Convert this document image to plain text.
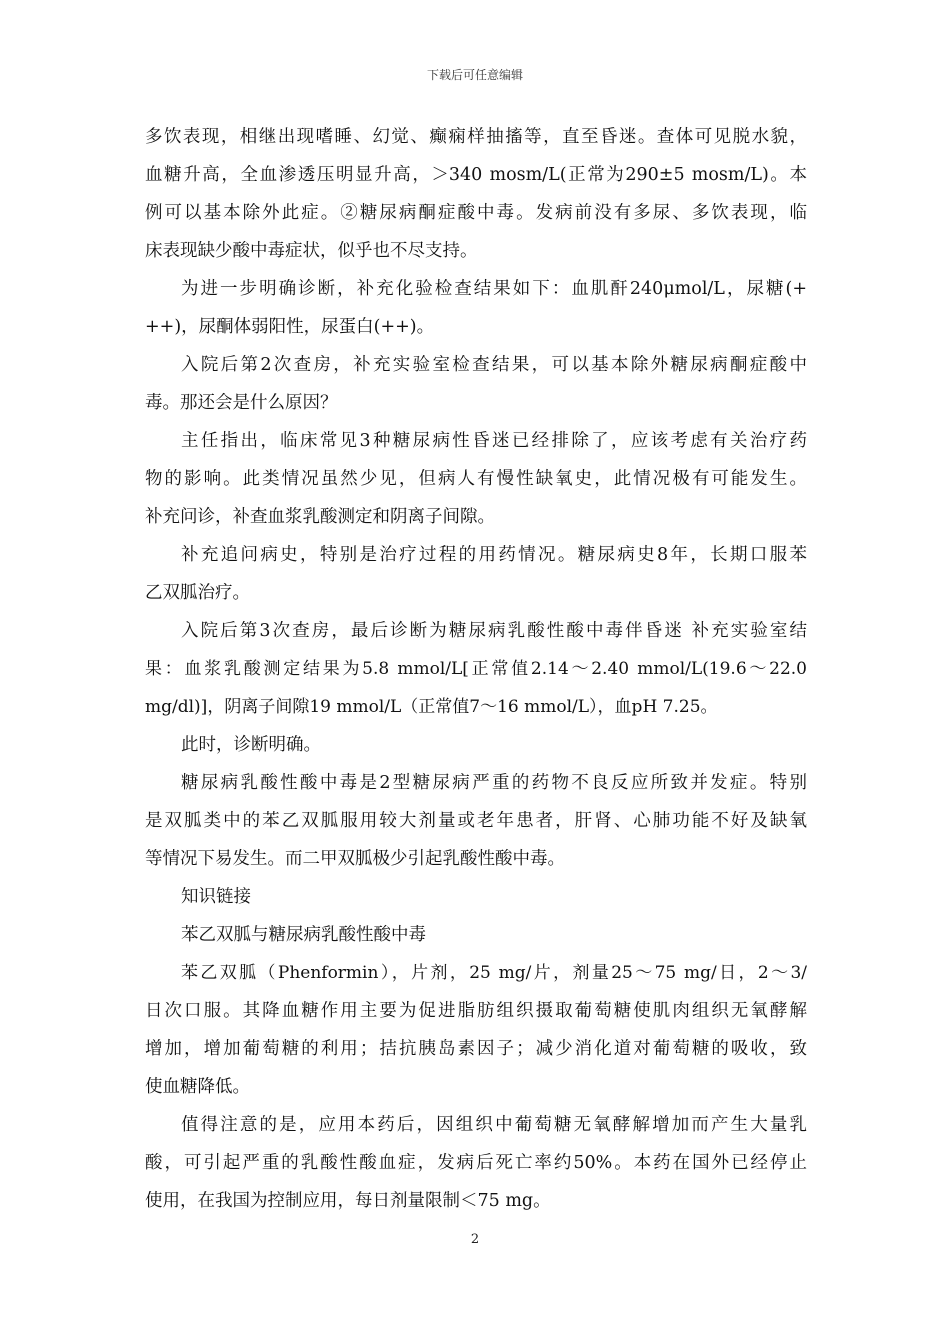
下载后可任意编辑
多饮表现，相继出现嗜睡、幻觉、癫痫样抽搐等，直至昏迷。查体可见脱水貌，
血糖升高，全血渗透压明显升高，＞340 mosm/L(正常为290±5 mosm/L)。本
例可以基本除外此症。②糖尿病酮症酸中毒。发病前没有多尿、多饮表现，临
床表现缺少酸中毒症状，似乎也不尽支持。
为进一步明确诊断，补充化验检查结果如下：血肌酐240μmol/L，尿糖(+
++)，尿酮体弱阳性，尿蛋白(++)。
入院后第2次查房，补充实验室检查结果，可以基本除外糖尿病酮症酸中
毒。那还会是什么原因？
主任指出，临床常见3种糖尿病性昏迷已经排除了，应该考虑有关治疗药
物的影响。此类情况虽然少见，但病人有慢性缺氧史，此情况极有可能发生。
补充问诊，补查血浆乳酸测定和阴离子间隙。
补充追问病史，特别是治疗过程的用药情况。糖尿病史8年，长期口服苯
乙双胍治疗。
入院后第3次查房，最后诊断为糖尿病乳酸性酸中毒伴昏迷 补充实验室结
果：血浆乳酸测定结果为5.8 mmol/L[正常值2.14～2.40 mmol/L(19.6～22.0
mg/dl)]，阴离子间隙19 mmol/L（正常值7～16 mmol/L），血pH 7.25。
此时，诊断明确。
糖尿病乳酸性酸中毒是2型糖尿病严重的药物不良反应所致并发症。特别
是双胍类中的苯乙双胍服用较大剂量或老年患者，肝肾、心肺功能不好及缺氧
等情况下易发生。而二甲双胍极少引起乳酸性酸中毒。
知识链接
苯乙双胍与糖尿病乳酸性酸中毒
苯乙双胍（Phenformin），片剂，25 mg/片，剂量25～75 mg/日，2～3/
日次口服。其降血糖作用主要为促进脂肪组织摄取葡萄糖使肌肉组织无氧酵解
增加，增加葡萄糖的利用；拮抗胰岛素因子；减少消化道对葡萄糖的吸收，致
使血糖降低。
值得注意的是，应用本药后，因组织中葡萄糖无氧酵解增加而产生大量乳
酸，可引起严重的乳酸性酸血症，发病后死亡率约50%。本药在国外已经停止
使用，在我国为控制应用，每日剂量限制＜75 mg。
2
